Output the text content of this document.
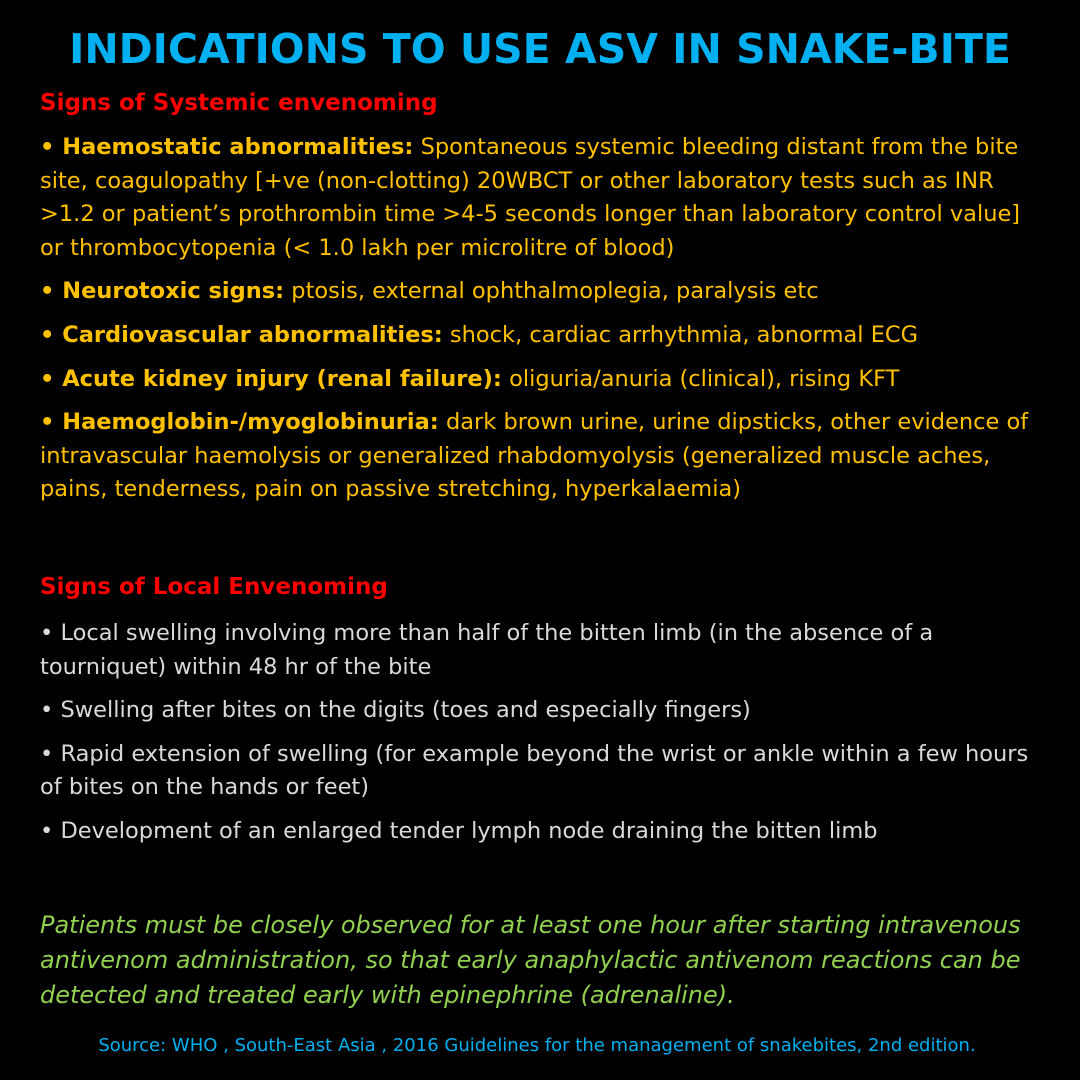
INDICATIONS TO USE ASV IN SNAKE-BITE
Signs of Systemic envenoming
• Haemostatic abnormalities: Spontaneous systemic bleeding distant from the bite site, coagulopathy [+ve (non-clotting) 20WBCT or other laboratory tests such as INR >1.2 or patient’s prothrombin time >4-5 seconds longer than laboratory control value] or thrombocytopenia (< 1.0 lakh per microlitre of blood)
• Neurotoxic signs: ptosis, external ophthalmoplegia, paralysis etc
• Cardiovascular abnormalities: shock, cardiac arrhythmia, abnormal ECG
• Acute kidney injury (renal failure): oliguria/anuria (clinical), rising KFT
• Haemoglobin-/myoglobinuria: dark brown urine, urine dipsticks, other evidence of intravascular haemolysis or generalized rhabdomyolysis (generalized muscle aches, pains, tenderness, pain on passive stretching, hyperkalaemia)
Signs of Local Envenoming
• Local swelling involving more than half of the bitten limb (in the absence of a tourniquet) within 48 hr of the bite
• Swelling after bites on the digits (toes and especially fingers)
• Rapid extension of swelling (for example beyond the wrist or ankle within a few hours of bites on the hands or feet)
• Development of an enlarged tender lymph node draining the bitten limb
Patients must be closely observed for at least one hour after starting intravenous antivenom administration, so that early anaphylactic antivenom reactions can be detected and treated early with epinephrine (adrenaline).
Source: WHO , South-East Asia , 2016 Guidelines for the management of snakebites, 2nd edition.
